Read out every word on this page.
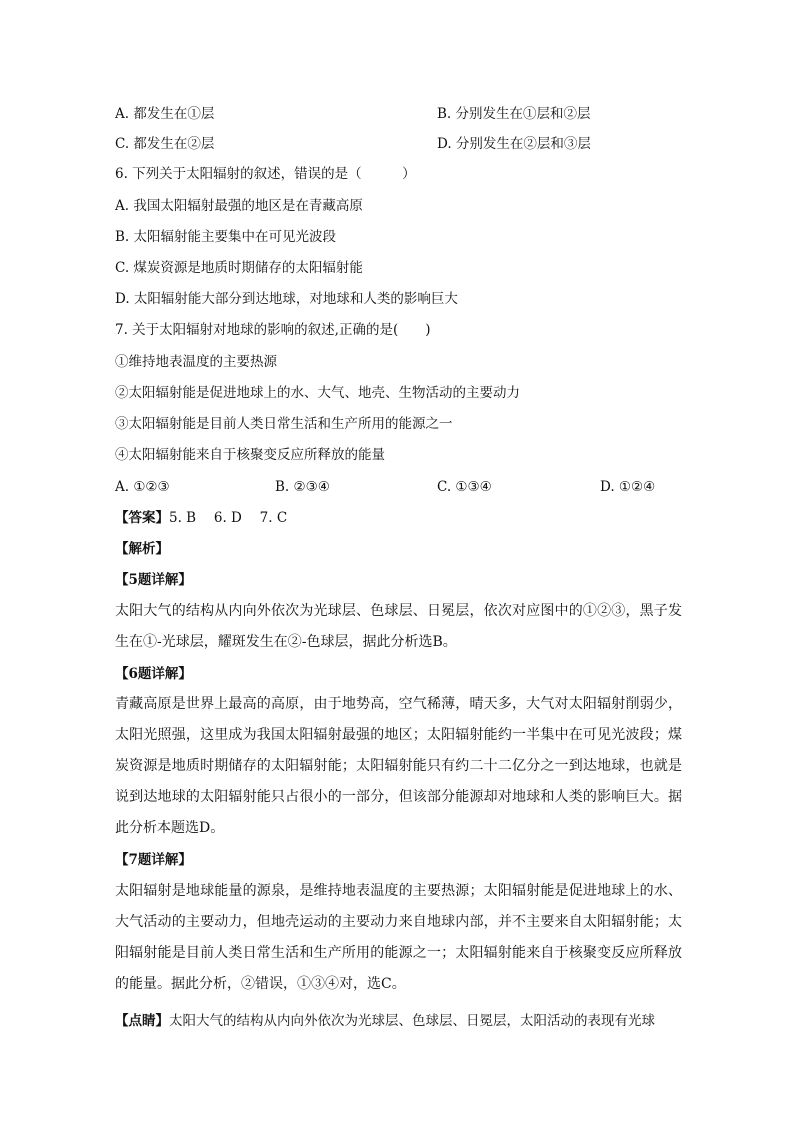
A. 都发生在①层	B. 分别发生在①层和②层
C. 都发生在②层	D. 分别发生在②层和③层
6. 下列关于太阳辐射的叙述，错误的是（　　　）
A. 我国太阳辐射最强的地区是在青藏高原
B. 太阳辐射能主要集中在可见光波段
C. 煤炭资源是地质时期储存的太阳辐射能
D. 太阳辐射能大部分到达地球，对地球和人类的影响巨大
7. 关于太阳辐射对地球的影响的叙述,正确的是(　　)
①维持地表温度的主要热源
②太阳辐射能是促进地球上的水、大气、地壳、生物活动的主要动力
③太阳辐射能是目前人类日常生活和生产所用的能源之一
④太阳辐射能来自于核聚变反应所释放的能量
A. ①②③	B. ②③④	C. ①③④	D. ①②④
【答案】5. B　 6. D　 7. C
【解析】
【5题详解】
太阳大气的结构从内向外依次为光球层、色球层、日冕层，依次对应图中的①②③，黑子发生在①-光球层，耀斑发生在②-色球层，据此分析选B。
【6题详解】
青藏高原是世界上最高的高原，由于地势高，空气稀薄，晴天多，大气对太阳辐射削弱少，太阳光照强，这里成为我国太阳辐射最强的地区；太阳辐射能约一半集中在可见光波段；煤炭资源是地质时期储存的太阳辐射能；太阳辐射能只有约二十二亿分之一到达地球，也就是说到达地球的太阳辐射能只占很小的一部分，但该部分能源却对地球和人类的影响巨大。据此分析本题选D。
【7题详解】
太阳辐射是地球能量的源泉，是维持地表温度的主要热源；太阳辐射能是促进地球上的水、大气活动的主要动力，但地壳运动的主要动力来自地球内部，并不主要来自太阳辐射能；太阳辐射能是目前人类日常生活和生产所用的能源之一；太阳辐射能来自于核聚变反应所释放的能量。据此分析，②错误，①③④对，选C。
【点睛】太阳大气的结构从内向外依次为光球层、色球层、日冕层，太阳活动的表现有光球
